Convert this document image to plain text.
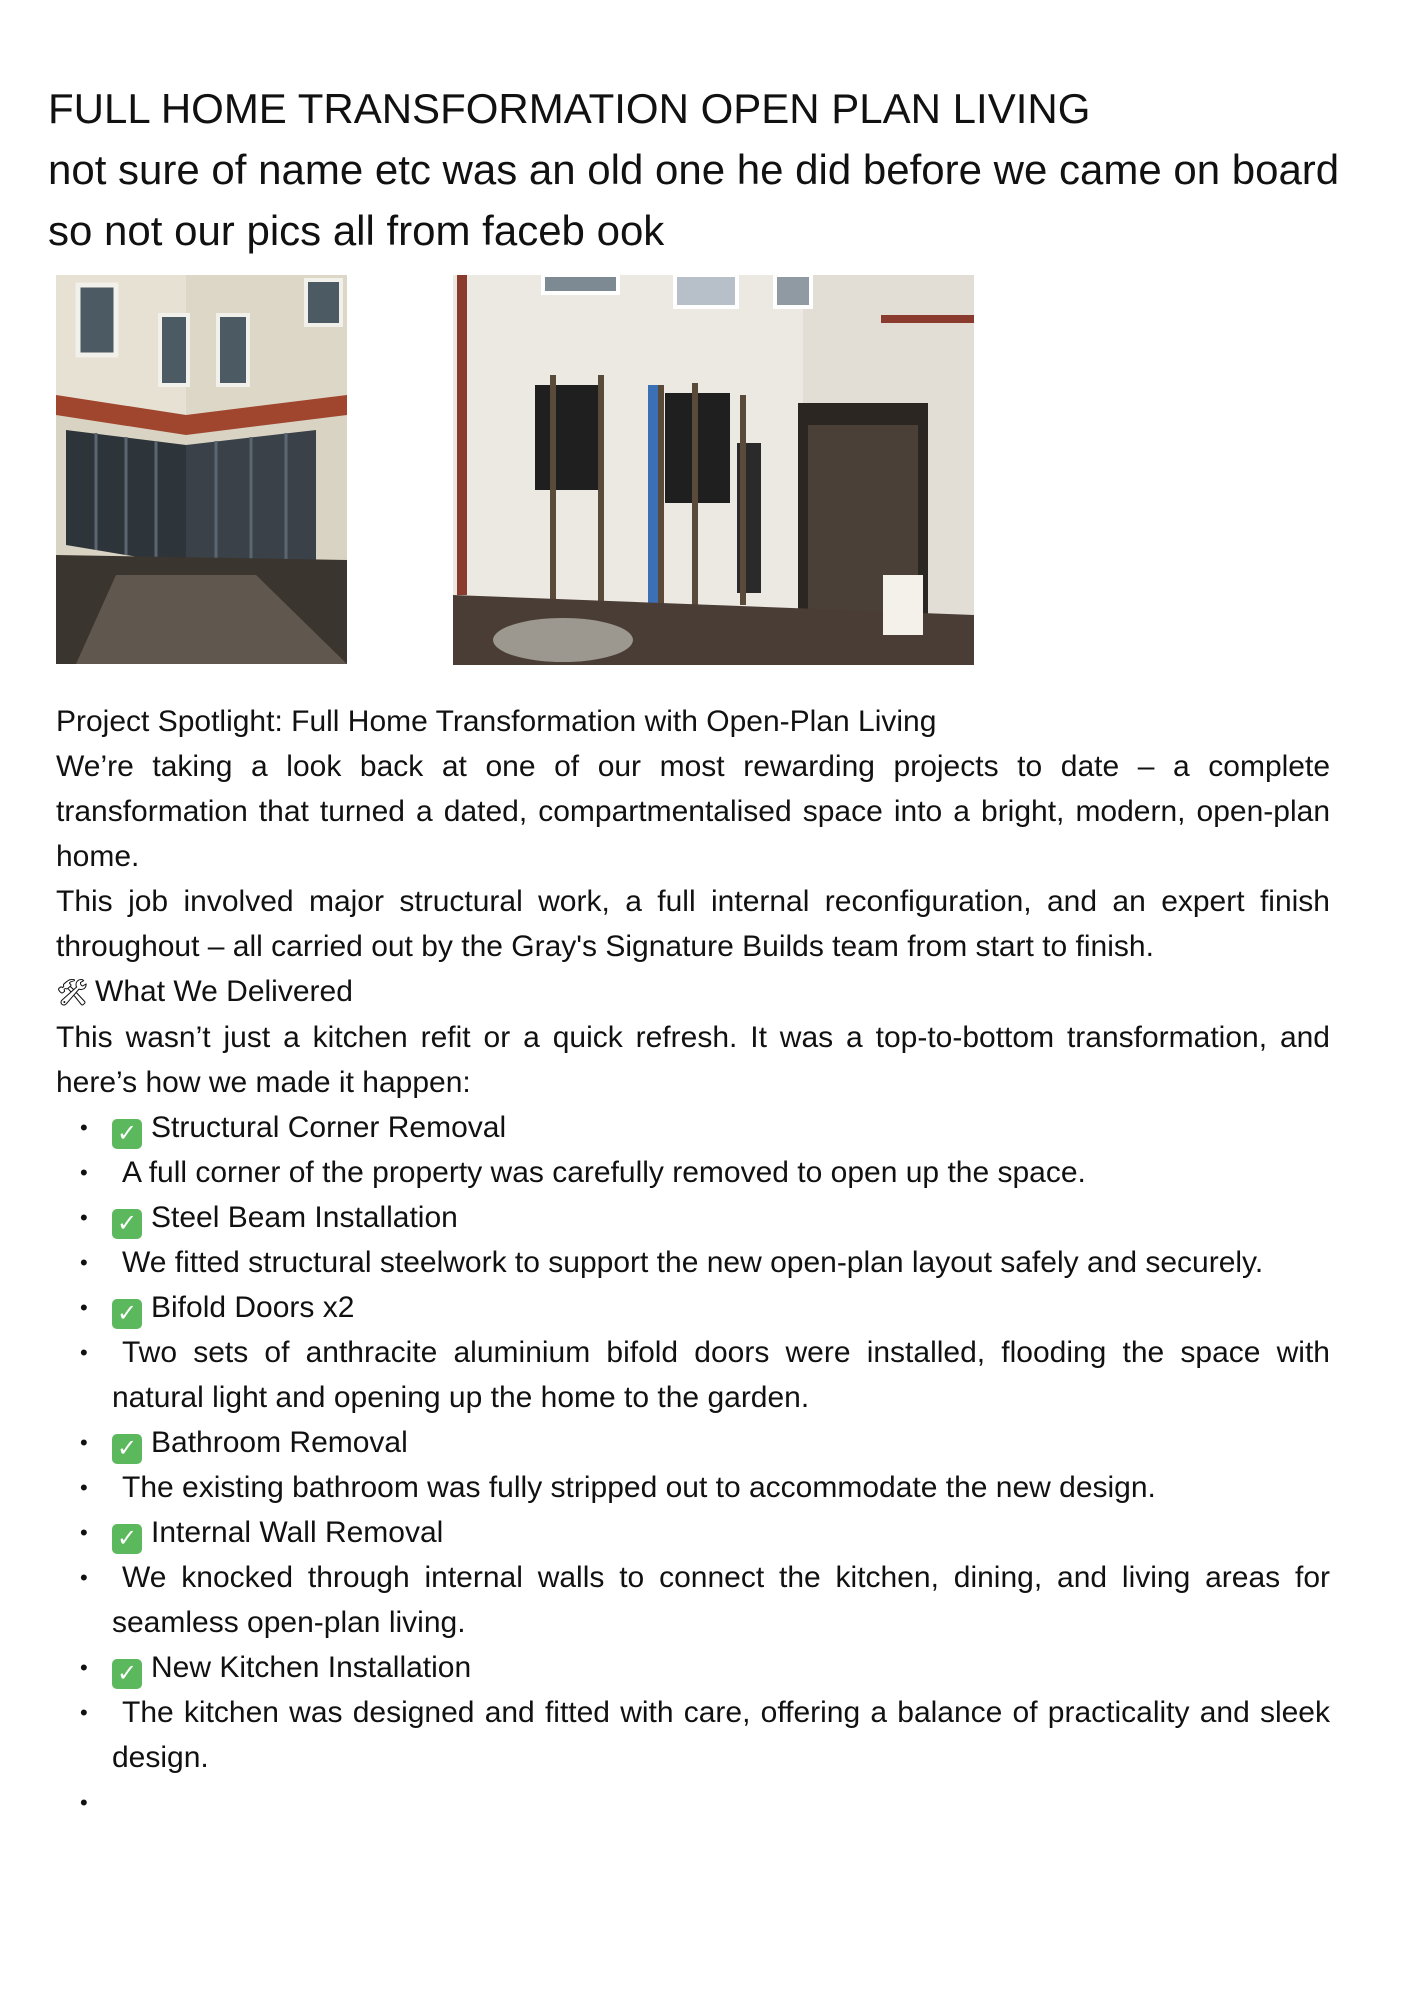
FULL HOME TRANSFORMATION OPEN PLAN LIVING
not sure of name etc was an old one he did before we came on board
so not our pics all from faceb ook

Project Spotlight: Full Home Transformation with Open-Plan Living

We’re taking a look back at one of our most rewarding projects to date – a complete transformation that turned a dated, compartmentalised space into a bright, modern, open-plan home.

This job involved major structural work, a full internal reconfiguration, and an expert finish throughout – all carried out by the Gray's Signature Builds team from start to finish.

🛠 What We Delivered

This wasn’t just a kitchen refit or a quick refresh. It was a top-to-bottom transformation, and here’s how we made it happen:

• ✓ Structural Corner Removal
• A full corner of the property was carefully removed to open up the space.
• ✓ Steel Beam Installation
• We fitted structural steelwork to support the new open-plan layout safely and securely.
• ✓ Bifold Doors x2
• Two sets of anthracite aluminium bifold doors were installed, flooding the space with natural light and opening up the home to the garden.
• ✓ Bathroom Removal
• The existing bathroom was fully stripped out to accommodate the new design.
• ✓ Internal Wall Removal
• We knocked through internal walls to connect the kitchen, dining, and living areas for seamless open-plan living.
• ✓ New Kitchen Installation
• The kitchen was designed and fitted with care, offering a balance of practicality and sleek design.
•
